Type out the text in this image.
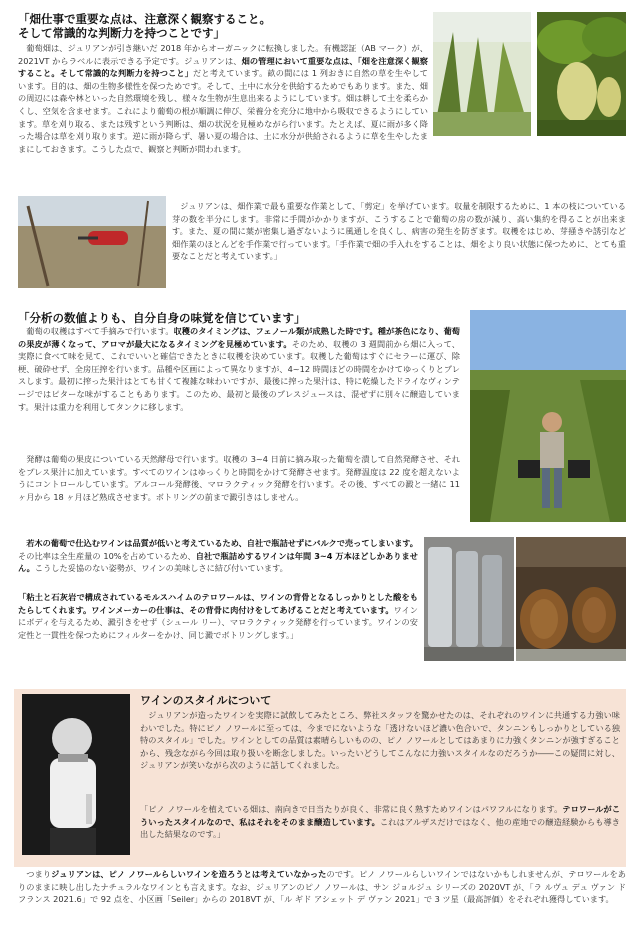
「畑仕事で重要な点は、注意深く観察すること。
そして常識的な判断力を持つことです」
　葡萄畑は、ジュリアンが引き継いだ 2018 年からオーガニックに転換しました。有機認証（AB マーク）が、2021VT からラベルに表示できる予定です。ジュリアンは、畑の管理において重要な点は、「畑を注意深く観察すること。そして常識的な判断力を持つこと」だと考えています。畝の間には 1 列おきに自然の草を生やしています。目的は、畑の生物多様性を保つためです。そして、土中に水分を供給するためでもあります。また、畑の周辺には森や林といった自然環境を残し、様々な生物が生息出来るようにしています。畑は耕して土を柔らかくし、空気を含ませます。これにより葡萄の根が順調に伸び、栄養分を充分に地中から吸収できるようにしています。草を刈り取る、または残すという判断は、畑の状況を見極めながら行います。たとえば、夏に雨が多く降った場合は草を刈り取ります。逆に雨が降らず、暑い夏の場合は、土に水分が供給されるように草を生やしたままにしておきます。こうした点で、観察と判断が問われます。
　ジュリアンは、畑作業で最も重要な作業として、「剪定」を挙げています。収量を制限するために、1 本の枝についている芽の数を半分にします。非常に手間がかかりますが、こうすることで葡萄の房の数が減り、高い集約を得ることが出来ます。また、夏の間に葉が密集し過ぎないように風通しを良くし、病害の発生を防ぎます。収穫をはじめ、芽掻きや誘引など畑作業のほとんどを手作業で行っています。「手作業で畑の手入れをすることは、畑をより良い状態に保つために、とても重要なことだと考えています。」
「分析の数値よりも、自分自身の味覚を信じています」
　葡萄の収穫はすべて手摘みで行います。収穫のタイミングは、フェノール類が成熟した時です。種が茶色になり、葡萄の果皮が薄くなって、アロマが最大になるタイミングを見極めています。そのため、収穫の 3 週間前から畑に入って、実際に食べて味を見て、これでいいと確信できたときに収穫を決めています。収穫した葡萄はすぐにセラーに運び、除梗、破砕せず、全房圧搾を行います。品種や区画によって異なりますが、4~12 時間ほどの時間をかけてゆっくりとプレスします。最初に搾った果汁はとても甘くて複雑な味わいですが、最後に搾った果汁は、特に乾燥したドライなヴィンテージではピターな味がすることもあります。このため、最初と最後のプレスジュースは、混ぜずに別々に醸造しています。果汁は重力を利用してタンクに移します。
　発酵は葡萄の果皮についている天然酵母で行います。収穫の 3~4 日前に摘み取った葡萄を潰して自然発酵させ、それをプレス果汁に加えています。すべてのワインはゆっくりと時間をかけて発酵させます。発酵温度は 22 度を超えないようにコントロールしています。アルコール発酵後、マロラクティック発酵を行います。その後、すべての澱と一緒に 11 ヶ月から 18 ヶ月ほど熟成させます。ボトリングの前まで澱引きはしません。
　若木の葡萄で仕込むワインは品質が低いと考えているため、自社で瓶詰せずにバルクで売ってしまいます。その比率は全生産量の 10%を占めているため、自社で瓶詰めするワインは年間 3~4 万本ほどしかありません。こうした妥協のない姿勢が、ワインの美味しさに結び付いています。
「粘土と石灰岩で構成されているモルスハイムのテロワールは、ワインの背骨となるしっかりとした酸をもたらしてくれます。ワインメーカーの仕事は、その背骨に肉付けをしてあげることだと考えています。ワインにボディを与えるため、澱引きをせず（シュール リー）、マロラクティック発酵を行っています。ワインの安定性と一貫性を保つためにフィルターをかけ、同じ澱でボトリングします。」
ワインのスタイルについて
　ジュリアンが造ったワインを実際に試飲してみたところ、弊社スタッフを驚かせたのは、それぞれのワインに共通する力強い味わいでした。特にピノ ノワールに至っては、今までにないような「透けないほど濃い色合いで、タンニンもしっかりとしている独特のスタイル」でした。ワインとしての品質は素晴らしいものの、ピノ ノワールとしてはあまりに力強くタンニンが強すぎることから、残念ながら今回は取り扱いを断念しました。いったいどうしてこんなに力強いスタイルなのだろうか――この疑問に対し、ジュリアンが笑いながら次のように話してくれました。
「ピノ ノワールを植えている畑は、南向きで日当たりが良く、非常に良く熟すためワインはパワフルになります。テロワールがこういったスタイルなので、私はそれをそのまま醸造しています。これはアルザスだけではなく、他の産地での醸造経験からも導き出した結果なのです。」
　つまりジュリアンは、ピノ ノワールらしいワインを造ろうとは考えていなかったのです。ピノ ノワールらしいワインではないかもしれませんが、テロワールをありのままに映し出したナチュラルなワインとも言えます。なお、ジュリアンのピノ ノワールは、サン ジョルジュ シリーズの 2020VT が、「ラ ルヴュ デュ ヴァン ド フランス 2021.6」で 92 点を、小区画「Seiler」からの 2018VT が、「ル ギド アシェット デ ヴァン 2021」で 3 ツ星（最高評価）をそれぞれ獲得しています。
